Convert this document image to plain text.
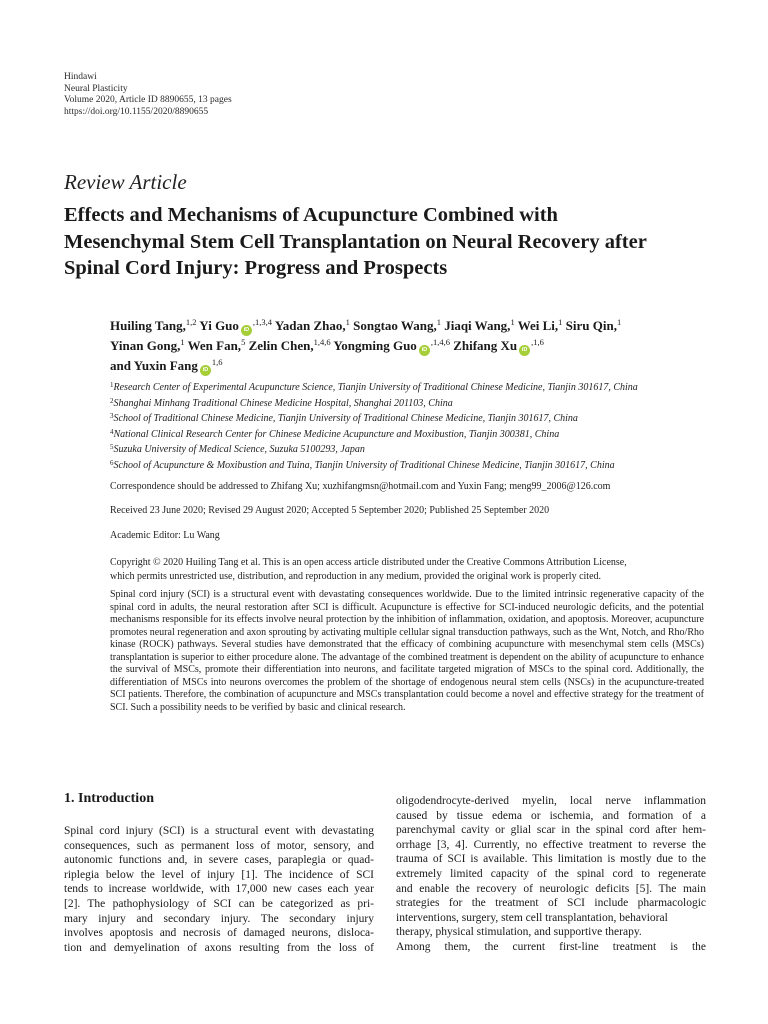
Hindawi
Neural Plasticity
Volume 2020, Article ID 8890655, 13 pages
https://doi.org/10.1155/2020/8890655
Review Article
Effects and Mechanisms of Acupuncture Combined with
Mesenchymal Stem Cell Transplantation on Neural Recovery after
Spinal Cord Injury: Progress and Prospects
Huiling Tang,$^{1,2}$ Yi Guo $iD^{,1,3,4}$ Yadan Zhao,$^1$ Songtao Wang,$^1$ Jiaqi Wang,$^1$ Wei Li,$^1$ Siru Qin,$^1$
Yinan Gong,$^1$ Wen Fan,$^5$ Zelin Chen,$^{1,4,6}$ Yongming Guo $iD^{,1,4,6}$ Zhifang Xu $iD^{,1,6}$
and Yuxin Fang iD$^{1,6}$
$^1$Research Center of Experimental Acupuncture Science, Tianjin University of Traditional Chinese Medicine, Tianjin 301617, China
$^2$Shanghai Minhang Traditional Chinese Medicine Hospital, Shanghai 201103, China
$^3$School of Traditional Chinese Medicine, Tianjin University of Traditional Chinese Medicine, Tianjin 301617, China
$^4$National Clinical Research Center for Chinese Medicine Acupuncture and Moxibustion, Tianjin 300381, China
$^5$Suzuka University of Medical Science, Suzuka 5100293, Japan
$^6$School of Acupuncture & Moxibustion and Tuina, Tianjin University of Traditional Chinese Medicine, Tianjin 301617, China
Correspondence should be addressed to Zhifang Xu; xuzhifangmsn@hotmail.com and Yuxin Fang; meng99_2006@126.com
Received 23 June 2020; Revised 29 August 2020; Accepted 5 September 2020; Published 25 September 2020
Academic Editor: Lu Wang
Copyright © 2020 Huiling Tang et al. This is an open access article distributed under the Creative Commons Attribution License,
which permits unrestricted use, distribution, and reproduction in any medium, provided the original work is properly cited.
Spinal cord injury (SCI) is a structural event with devastating consequences worldwide. Due to the limited intrinsic regenerative capacity of the spinal cord in adults, the neural restoration after SCI is difficult. Acupuncture is effective for SCI-induced neurologic deficits, and the potential mechanisms responsible for its effects involve neural protection by the inhibition of inflammation, oxidation, and apoptosis. Moreover, acupuncture promotes neural regeneration and axon sprouting by activating multiple cellular signal transduction pathways, such as the Wnt, Notch, and Rho/Rho kinase (ROCK) pathways. Several studies have demonstrated that the efficacy of combining acupuncture with mesenchymal stem cells (MSCs) transplantation is superior to either procedure alone. The advantage of the combined treatment is dependent on the ability of acupuncture to enhance the survival of MSCs, promote their differentiation into neurons, and facilitate targeted migration of MSCs to the spinal cord. Additionally, the differentiation of MSCs into neurons overcomes the problem of the shortage of endogenous neural stem cells (NSCs) in the acupuncture-treated SCI patients. Therefore, the combination of acupuncture and MSCs transplantation could become a novel and effective strategy for the treatment of SCI. Such a possibility needs to be verified by basic and clinical research.
1. Introduction
Spinal cord injury (SCI) is a structural event with devastating
consequences, such as permanent loss of motor, sensory, and
autonomic functions and, in severe cases, paraplegia or quad-
riplegia below the level of injury [1]. The incidence of SCI
tends to increase worldwide, with 17,000 new cases each year
[2]. The pathophysiology of SCI can be categorized as pri-
mary injury and secondary injury. The secondary injury
involves apoptosis and necrosis of damaged neurons, disloca-
tion and demyelination of axons resulting from the loss of
oligodendrocyte-derived myelin, local nerve inflammation
caused by tissue edema or ischemia, and formation of a
parenchymal cavity or glial scar in the spinal cord after hem-
orrhage [3, 4]. Currently, no effective treatment to reverse the
trauma of SCI is available. This limitation is mostly due to the
extremely limited capacity of the spinal cord to regenerate
and enable the recovery of neurologic deficits [5]. The main
strategies for the treatment of SCI include pharmacologic
interventions, surgery, stem cell transplantation, behavioral
therapy, physical stimulation, and supportive therapy.
Among them, the current first-line treatment is the
